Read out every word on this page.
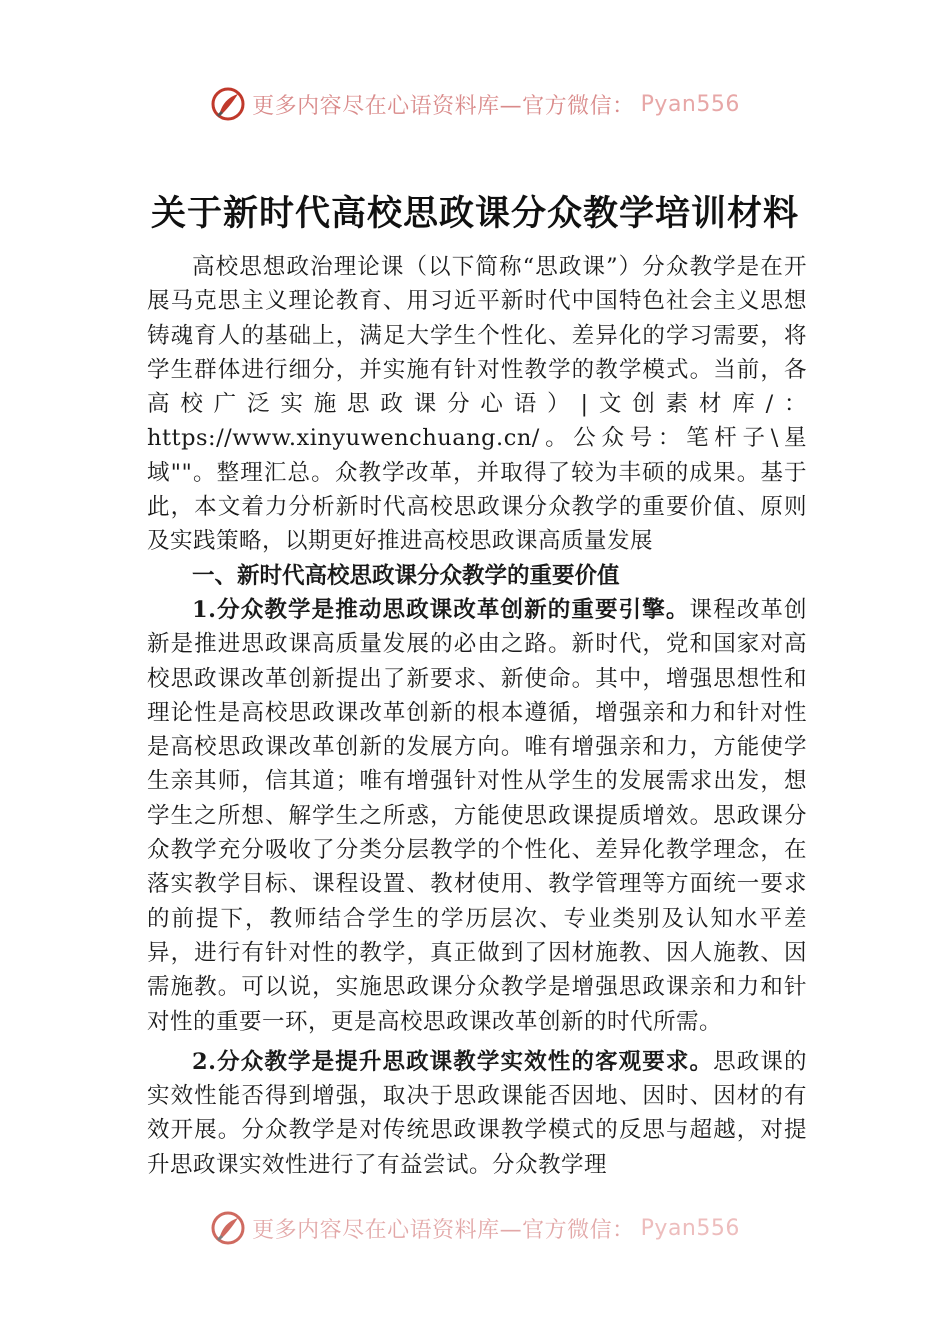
更多内容尽在心语资料库—官方微信： Pyan556
关于新时代高校思政课分众教学培训材料

高校思想政治理论课（以下简称“思政课”）分众教学是在开展马克思主义理论教育、用习近平新时代中国特色社会主义思想铸魂育人的基础上，满足大学生个性化、差异化的学习需要，将学生群体进行细分，并实施有针对性教学的教学模式。当前，各高校广泛实施思政课分心语）|文创素材库/：https://www.xinyuwenchuang.cn/。公众号：笔杆子\星域""。整理汇总。众教学改革，并取得了较为丰硕的成果。基于此，本文着力分析新时代高校思政课分众教学的重要价值、原则及实践策略，以期更好推进高校思政课高质量发展

一、新时代高校思政课分众教学的重要价值

1.分众教学是推动思政课改革创新的重要引擎。课程改革创新是推进思政课高质量发展的必由之路。新时代，党和国家对高校思政课改革创新提出了新要求、新使命。其中，增强思想性和理论性是高校思政课改革创新的根本遵循，增强亲和力和针对性是高校思政课改革创新的发展方向。唯有增强亲和力，方能使学生亲其师，信其道；唯有增强针对性从学生的发展需求出发，想学生之所想、解学生之所惑，方能使思政课提质增效。思政课分众教学充分吸收了分类分层教学的个性化、差异化教学理念，在落实教学目标、课程设置、教材使用、教学管理等方面统一要求的前提下，教师结合学生的学历层次、专业类别及认知水平差异，进行有针对性的教学，真正做到了因材施教、因人施教、因需施教。可以说，实施思政课分众教学是增强思政课亲和力和针对性的重要一环，更是高校思政课改革创新的时代所需。

2.分众教学是提升思政课教学实效性的客观要求。思政课的实效性能否得到增强，取决于思政课能否因地、因时、因材的有效开展。分众教学是对传统思政课教学模式的反思与超越，对提升思政课实效性进行了有益尝试。分众教学理

更多内容尽在心语资料库—官方微信： Pyan556
